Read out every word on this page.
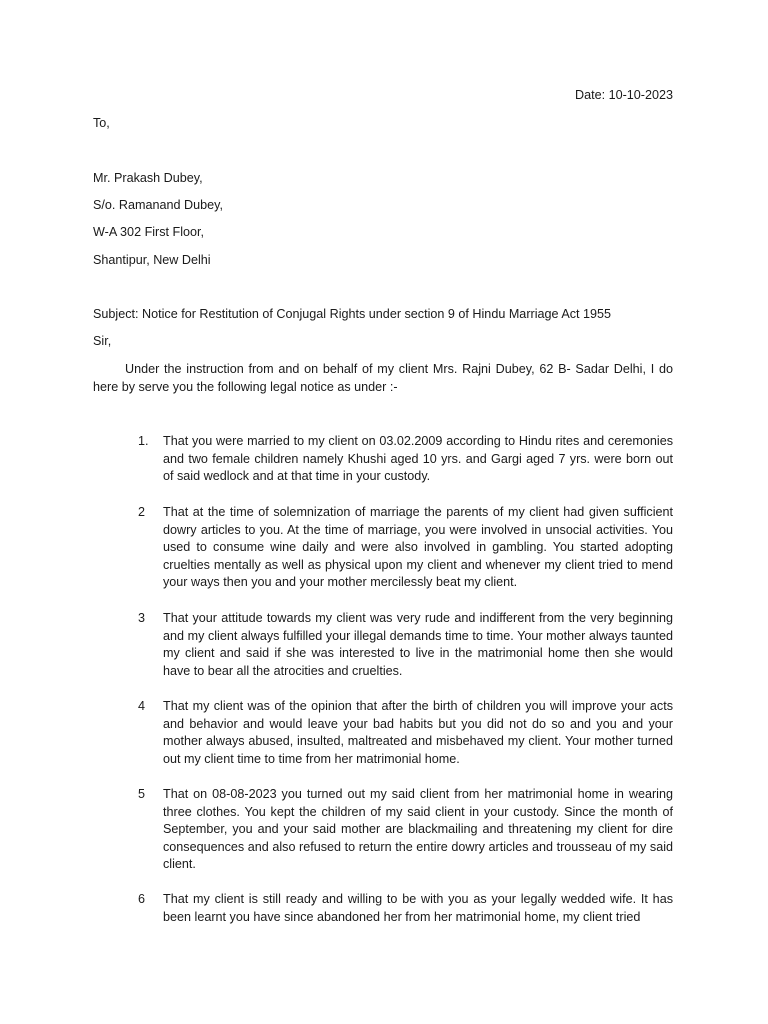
Date: 10-10-2023
To,
Mr. Prakash Dubey,
S/o. Ramanand Dubey,
W-A 302 First Floor,
Shantipur, New Delhi
Subject: Notice for Restitution of Conjugal Rights under section 9 of Hindu Marriage Act 1955
Sir,
Under the instruction from and on behalf of my client Mrs. Rajni Dubey, 62 B- Sadar Delhi, I do here by serve you the following legal notice as under :-
1.	That you were married to my client on 03.02.2009 according to Hindu rites and ceremonies and two female children namely Khushi aged 10 yrs. and Gargi aged 7 yrs. were born out of said wedlock and at that time in your custody.
2	That at the time of solemnization of marriage the parents of my client had given sufficient dowry articles to you. At the time of marriage, you were involved in unsocial activities. You used to consume wine daily and were also involved in gambling. You started adopting cruelties mentally as well as physical upon my client and whenever my client tried to mend your ways then you and your mother mercilessly beat my client.
3	That your attitude towards my client was very rude and indifferent from the very beginning and my client always fulfilled your illegal demands time to time. Your mother always taunted my client and said if she was interested to live in the matrimonial home then she would have to bear all the atrocities and cruelties.
4	That my client was of the opinion that after the birth of children you will improve your acts and behavior and would leave your bad habits but you did not do so and you and your mother always abused, insulted, maltreated and misbehaved my client. Your mother turned out my client time to time from her matrimonial home.
5	That on 08-08-2023 you turned out my said client from her matrimonial home in wearing three clothes. You kept the children of my said client in your custody. Since the month of September, you and your said mother are blackmailing and threatening my client for dire consequences and also refused to return the entire dowry articles and trousseau of my said client.
6	That my client is still ready and willing to be with you as your legally wedded wife. It has been learnt you have since abandoned her from her matrimonial home, my client tried
